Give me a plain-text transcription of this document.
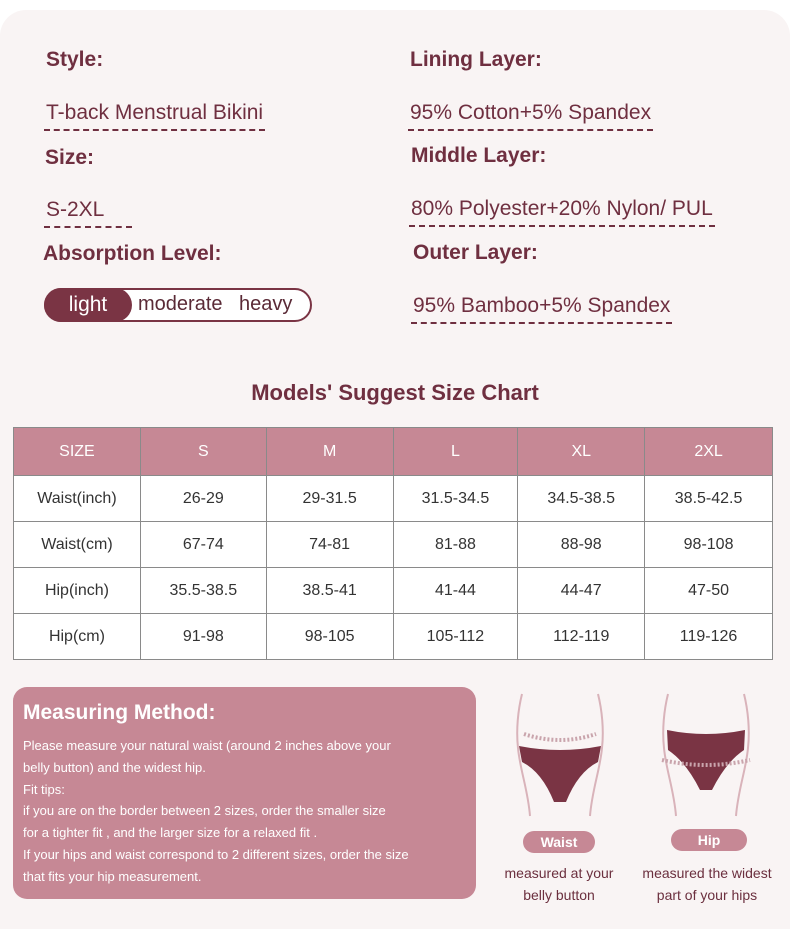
Style:
T-back Menstrual Bikini
Size:
S-2XL
Absorption Level:
light	moderate heavy
Lining Layer:
95% Cotton+5% Spandex
Middle Layer:
80% Polyester+20% Nylon/ PUL
Outer Layer:
95% Bamboo+5% Spandex
Models' Suggest Size Chart
SIZE	S	M	L	XL	2XL
Waist(inch)	26-29	29-31.5	31.5-34.5	34.5-38.5	38.5-42.5
Waist(cm)	67-74	74-81	81-88	88-98	98-108
Hip(inch)	35.5-38.5	38.5-41	41-44	44-47	47-50
Hip(cm)	91-98	98-105	105-112	112-119	119-126
Measuring Method:

Please measure your natural waist (around 2 inches above your

belly button) and the widest hip.

Fit tips:

if you are on the border between 2 sizes, order the smaller size

for a tighter fit , and the larger size for a relaxed fit .

If your hips and waist correspond to 2 different sizes, order the size

that fits your hip measurement.

Waist
measured at your
belly button
Hip
measured the widest
part of your hips
